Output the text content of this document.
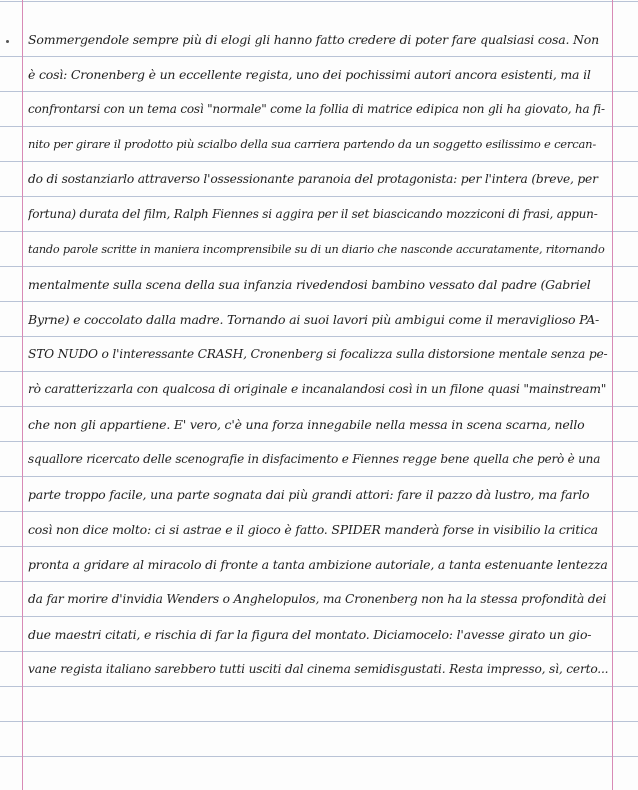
Sommergendole sempre più di elogi gli hanno fatto credere di poter fare qualsiasi cosa. Non
è così: Cronenberg è un eccellente regista, uno dei pochissimi autori ancora esistenti, ma il
confrontarsi con un tema così "normale" come la follia di matrice edipica non gli ha giovato, ha fi-
nito per girare il prodotto più scialbo della sua carriera partendo da un soggetto esilissimo e cercan-
do di sostanziarlo attraverso l'ossessionante paranoia del protagonista: per l'intera (breve, per
fortuna) durata del film, Ralph Fiennes si aggira per il set biascicando mozziconi di frasi, appun-
tando parole scritte in maniera incomprensibile su di un diario che nasconde accuratamente, ritornando
mentalmente sulla scena della sua infanzia rivedendosi bambino vessato dal padre (Gabriel
Byrne) e coccolato dalla madre. Tornando ai suoi lavori più ambigui come il meraviglioso PA-
STO NUDO o l'interessante CRASH, Cronenberg si focalizza sulla distorsione mentale senza pe-
rò caratterizzarla con qualcosa di originale e incanalandosi così in un filone quasi "mainstream"
che non gli appartiene. E' vero, c'è una forza innegabile nella messa in scena scarna, nello
squallore ricercato delle scenografie in disfacimento e Fiennes regge bene quella che però è una
parte troppo facile, una parte sognata dai più grandi attori: fare il pazzo dà lustro, ma farlo
così non dice molto: ci si astrae e il gioco è fatto. SPIDER manderà forse in visibilio la critica
pronta a gridare al miracolo di fronte a tanta ambizione autoriale, a tanta estenuante lentezza
da far morire d'invidia Wenders o Anghelopulos, ma Cronenberg non ha la stessa profondità dei
due maestri citati, e rischia di far la figura del montato. Diciamocelo: l'avesse girato un gio-
vane regista italiano sarebbero tutti usciti dal cinema semidisgustati. Resta impresso, sì, certo...
